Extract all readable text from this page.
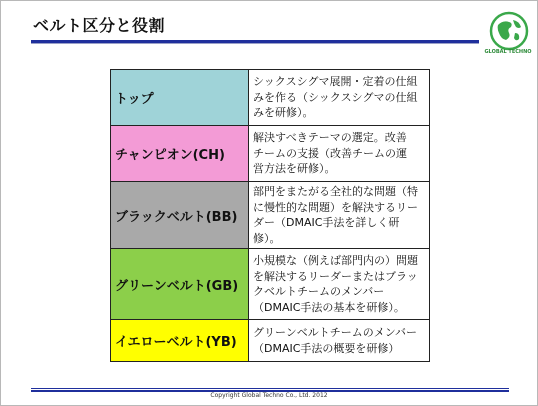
ベルト区分と役割
GLOBAL TECHNO
トップ	シックスシグマ展開・定着の仕組
みを作る（シックスシグマの仕組
みを研修）。

チャンピオン(CH)	解決すべきテーマの選定。改善
チームの支援（改善チームの運
営方法を研修）。

ブラックベルト(BB)	部門をまたがる全社的な問題（特
に慢性的な問題）を解決するリー
ダー（DMAIC手法を詳しく研修）。

グリーンベルト(GB)	小規模な（例えば部門内の）問題
を解決するリーダーまたはブラッ
クベルトチームのメンバー
（DMAIC手法の基本を研修）。

イエローベルト(YB)	グリーンベルトチームのメンバー
（DMAIC手法の概要を研修）
Copyright Global Techno Co., Ltd. 2012
